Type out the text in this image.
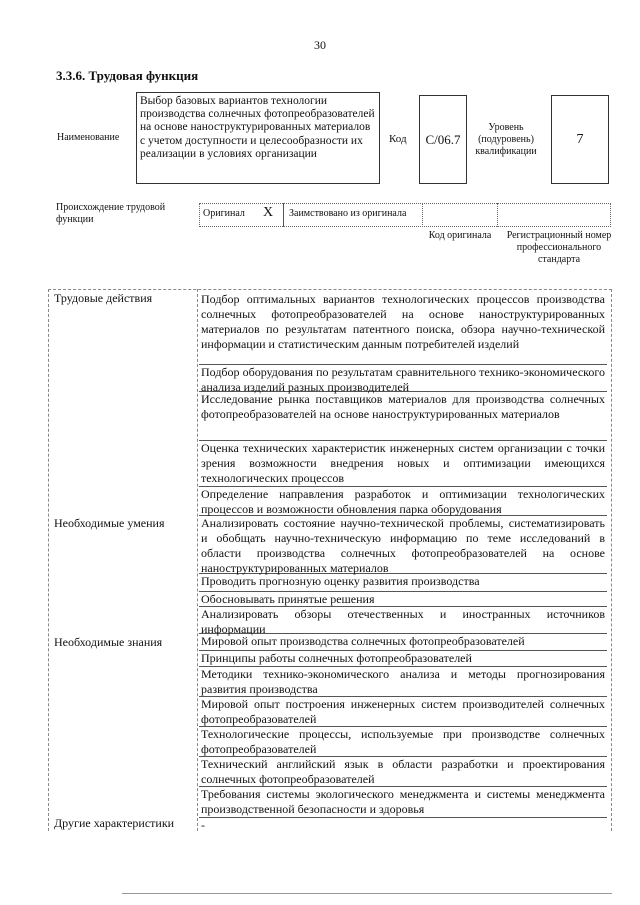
30
3.3.6. Трудовая функция
Наименование
Выбор базовых вариантов технологии производства солнечных фотопреобразователей на основе наноструктурированных материалов с учетом доступности и целесообразности их реализации в условиях организации
Код	С/06.7
Уровень (подуровень) квалификации
7
Происхождение трудовой функции
Оригинал X Заимствовано из оригинала
Код оригинала Регистрационный номер профессионального стандарта
Трудовые действия	Подбор оптимальных вариантов технологических процессов производства солнечных фотопреобразователей на основе наноструктурированных материалов по результатам патентного поиска, обзора научно-технической информации и статистическим данным потребителей изделий
Подбор оборудования по результатам сравнительного технико-экономического анализа изделий разных производителей
Исследование рынка поставщиков материалов для производства солнечных фотопреобразователей на основе наноструктурированных материалов
Оценка технических характеристик инженерных систем организации с точки зрения возможности внедрения новых и оптимизации имеющихся технологических процессов
Определение направления разработок и оптимизации технологических процессов и возможности обновления парка оборудования
Необходимые умения	Анализировать состояние научно-технической проблемы, систематизировать и обобщать научно-техническую информацию по теме исследований в области производства солнечных фотопреобразователей на основе наноструктурированных материалов
Проводить прогнозную оценку развития производства
Обосновывать принятые решения
Анализировать обзоры отечественных и иностранных источников информации
Необходимые знания	Мировой опыт производства солнечных фотопреобразователей
Принципы работы солнечных фотопреобразователей
Методики технико-экономического анализа и методы прогнозирования развития производства
Мировой опыт построения инженерных систем производителей солнечных фотопреобразователей
Технологические процессы, используемые при производстве солнечных фотопреобразователей
Технический английский язык в области разработки и проектирования солнечных фотопреобразователей
Требования системы экологического менеджмента и системы менеджмента производственной безопасности и здоровья
Другие характеристики -
